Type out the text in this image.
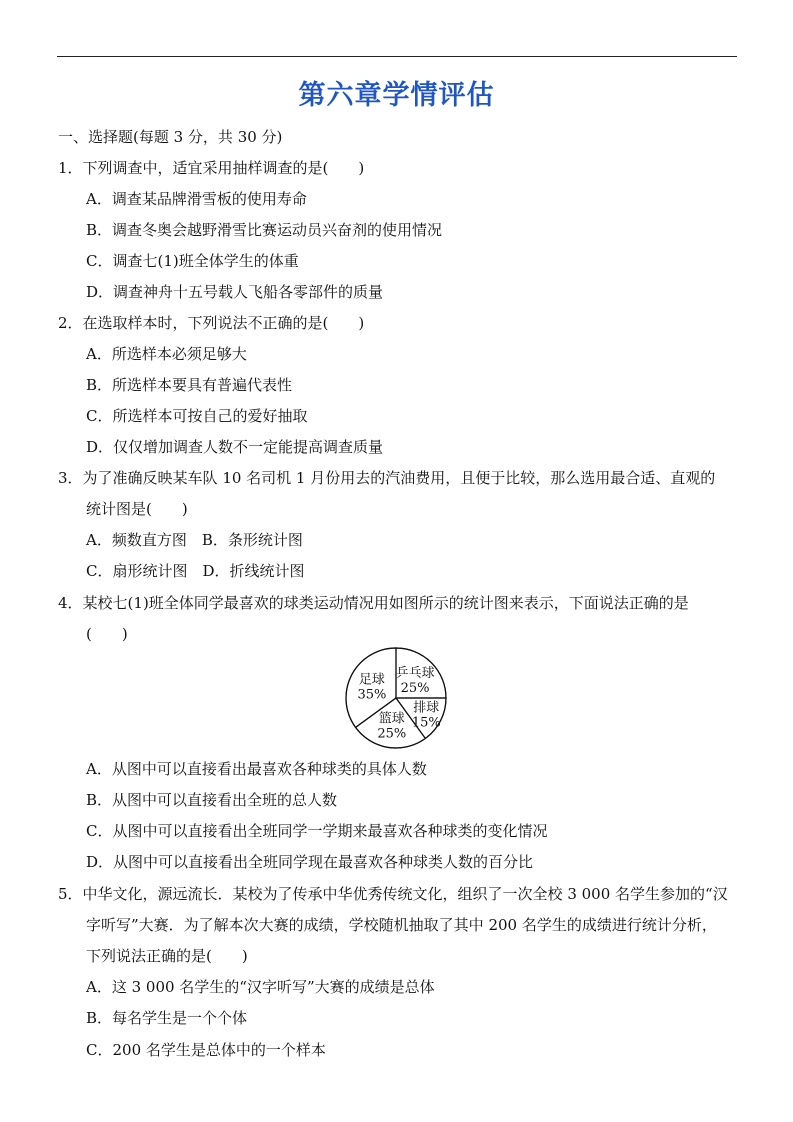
第六章学情评估
一、选择题(每题 3 分，共 30 分)
1．下列调查中，适宜采用抽样调查的是(　　)
A．调查某品牌滑雪板的使用寿命
B．调查冬奥会越野滑雪比赛运动员兴奋剂的使用情况
C．调查七(1)班全体学生的体重
D．调查神舟十五号载人飞船各零部件的质量
2．在选取样本时，下列说法不正确的是(　　)
A．所选样本必须足够大
B．所选样本要具有普遍代表性
C．所选样本可按自己的爱好抽取
D．仅仅增加调查人数不一定能提高调查质量
3．为了准确反映某车队 10 名司机 1 月份用去的汽油费用，且便于比较，那么选用最合适、直观的
统计图是(　　)
A．频数直方图　B．条形统计图
C．扇形统计图　D．折线统计图
4．某校七(1)班全体同学最喜欢的球类运动情况用如图所示的统计图来表示，下面说法正确的是
(　　)
乒乓球
25%
排球
15%
篮球
25%
足球
35%
A．从图中可以直接看出最喜欢各种球类的具体人数
B．从图中可以直接看出全班的总人数
C．从图中可以直接看出全班同学一学期来最喜欢各种球类的变化情况
D．从图中可以直接看出全班同学现在最喜欢各种球类人数的百分比
5．中华文化，源远流长．某校为了传承中华优秀传统文化，组织了一次全校 3 000 名学生参加的“汉
字听写”大赛．为了解本次大赛的成绩，学校随机抽取了其中 200 名学生的成绩进行统计分析，
下列说法正确的是(　　)
A．这 3 000 名学生的“汉字听写”大赛的成绩是总体
B．每名学生是一个个体
C．200 名学生是总体中的一个样本
